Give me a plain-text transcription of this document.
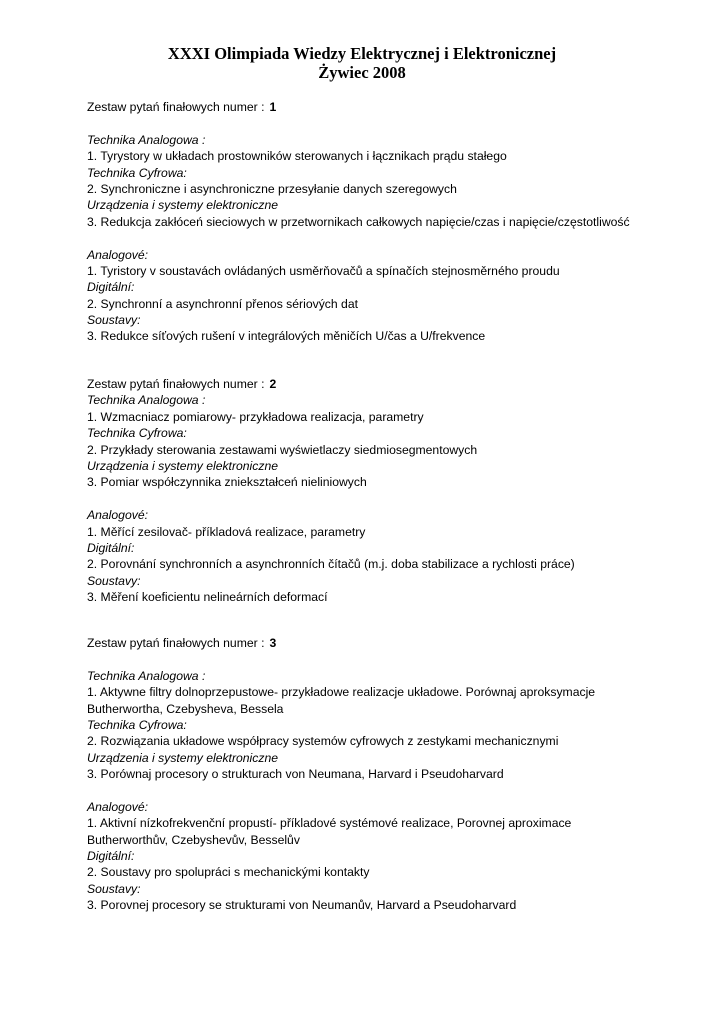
XXXI Olimpiada Wiedzy Elektrycznej i Elektronicznej
Żywiec 2008
Zestaw pytań finałowych numer : 1
Technika Analogowa :
1. Tyrystory w układach prostowników sterowanych i łącznikach prądu stałego
Technika Cyfrowa:
2. Synchroniczne i asynchroniczne przesyłanie danych szeregowych
Urządzenia i systemy elektroniczne
3. Redukcja zakłóceń sieciowych w przetwornikach całkowych napięcie/czas i napięcie/częstotliwość
Analogové:
1. Tyristory v soustavách ovládaných usměrňovačů a spínačích stejnosměrného proudu
Digitální:
2. Synchronní a asynchronní přenos sériových dat
Soustavy:
3. Redukce síťových rušení v integrálových měničích U/čas a U/frekvence
Zestaw pytań finałowych numer : 2
Technika Analogowa :
1. Wzmacniacz pomiarowy- przykładowa realizacja, parametry
Technika Cyfrowa:
2. Przykłady sterowania zestawami wyświetlaczy siedmiosegmentowych
Urządzenia i systemy elektroniczne
3. Pomiar współczynnika zniekształceń nieliniowych
Analogové:
1. Měřící zesilovač- příkladová realizace, parametry
Digitální:
2. Porovnání synchronních a asynchronních čítačů (m.j. doba stabilizace a rychlosti práce)
Soustavy:
3. Měření koeficientu nelineárních deformací
Zestaw pytań finałowych numer : 3
Technika Analogowa :
1. Aktywne filtry dolnoprzepustowe- przykładowe realizacje układowe. Porównaj aproksymacje
Butherwortha, Czebysheva, Bessela
Technika Cyfrowa:
2. Rozwiązania układowe współpracy systemów cyfrowych z zestykami mechanicznymi
Urządzenia i systemy elektroniczne
3. Porównaj procesory o strukturach von Neumana, Harvard i Pseudoharvard
Analogové:
1. Aktivní nízkofrekvenční propustí- příkladové systémové realizace, Porovnej aproximace
Butherworthův, Czebyshevův, Besselův
Digitální:
2. Soustavy pro spolupráci s mechanickými kontakty
Soustavy:
3. Porovnej procesory se strukturami von Neumanův, Harvard a Pseudoharvard
